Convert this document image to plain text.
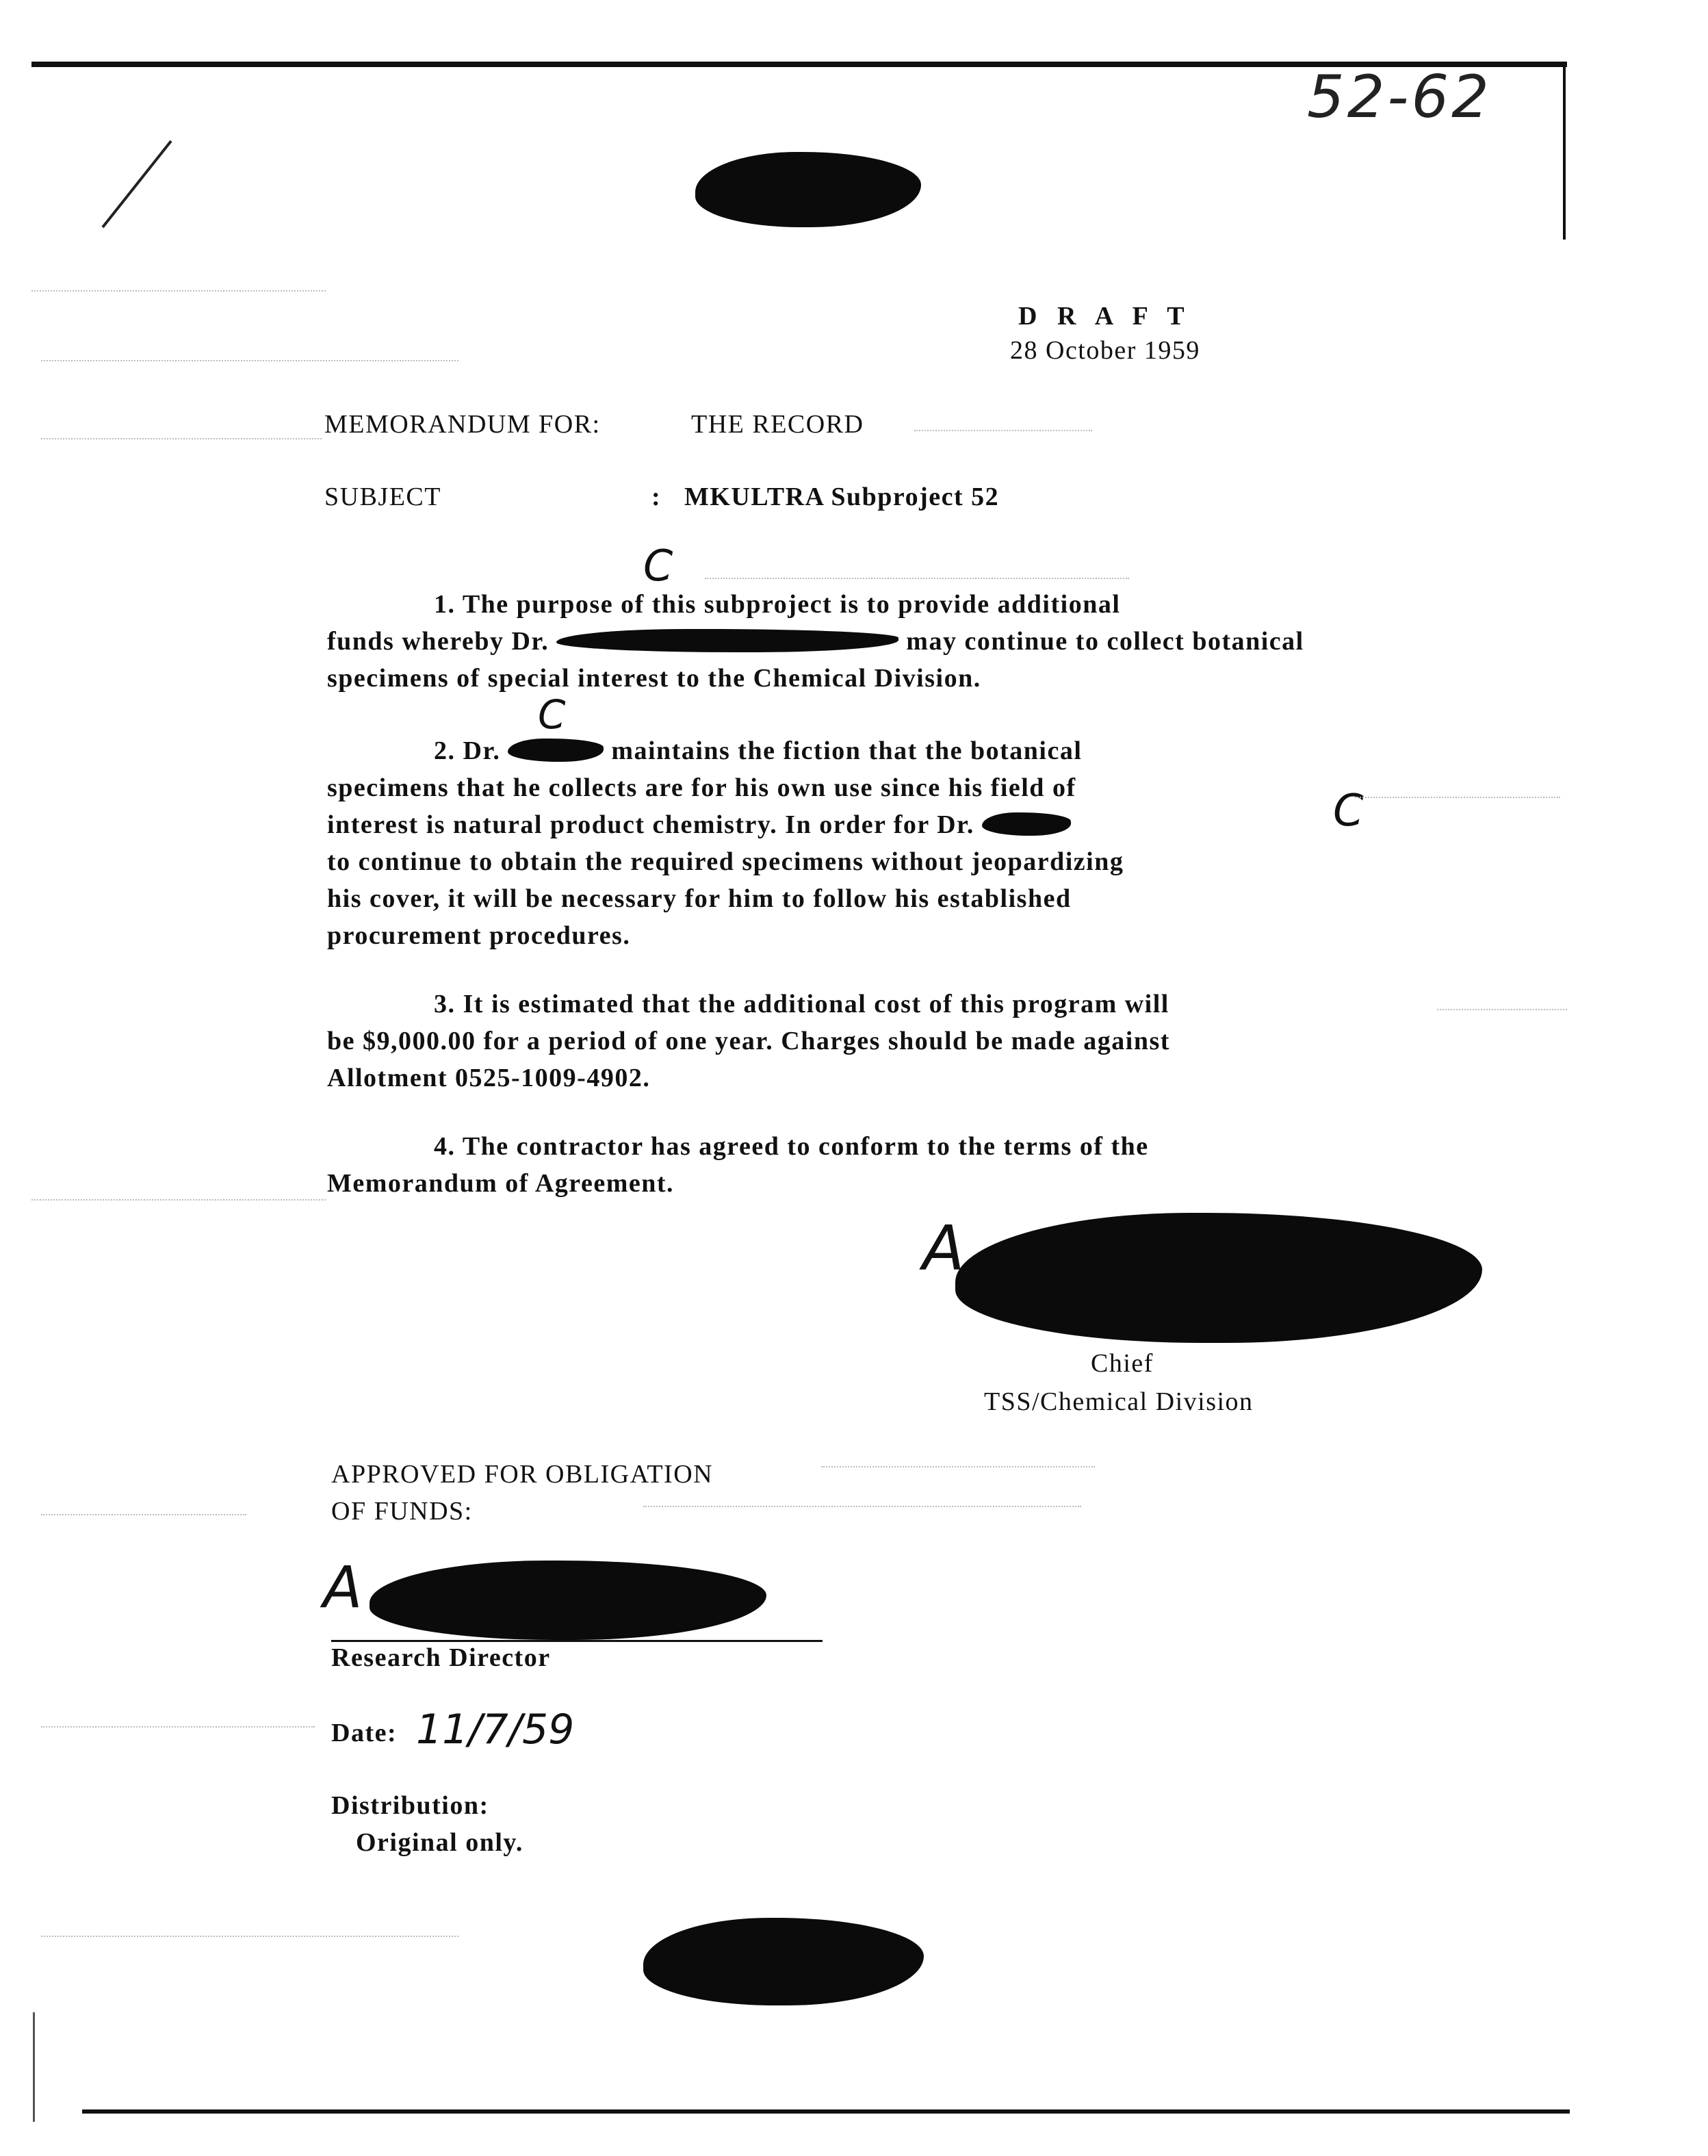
52-62
D R A F T
28 October 1959
MEMORANDUM FOR:	THE RECORD
SUBJECT	: MKULTRA Subproject 52
C
C
C
1. The purpose of this subproject is to provide additional
funds whereby Dr.	may continue to collect botanical
specimens of special interest to the Chemical Division.
2. Dr.	maintains the fiction that the botanical
specimens that he collects are for his own use since his field of
interest is natural product chemistry. In order for Dr.
to continue to obtain the required specimens without jeopardizing
his cover, it will be necessary for him to follow his established
procurement procedures.
3. It is estimated that the additional cost of this program will
be $9,000.00 for a period of one year. Charges should be made against
Allotment 0525-1009-4902.
4. The contractor has agreed to conform to the terms of the
Memorandum of Agreement.
A
Chief
TSS/Chemical Division
APPROVED FOR OBLIGATION
OF FUNDS:
A
Research Director
Date: 11/7/59
Distribution:
Original only.
